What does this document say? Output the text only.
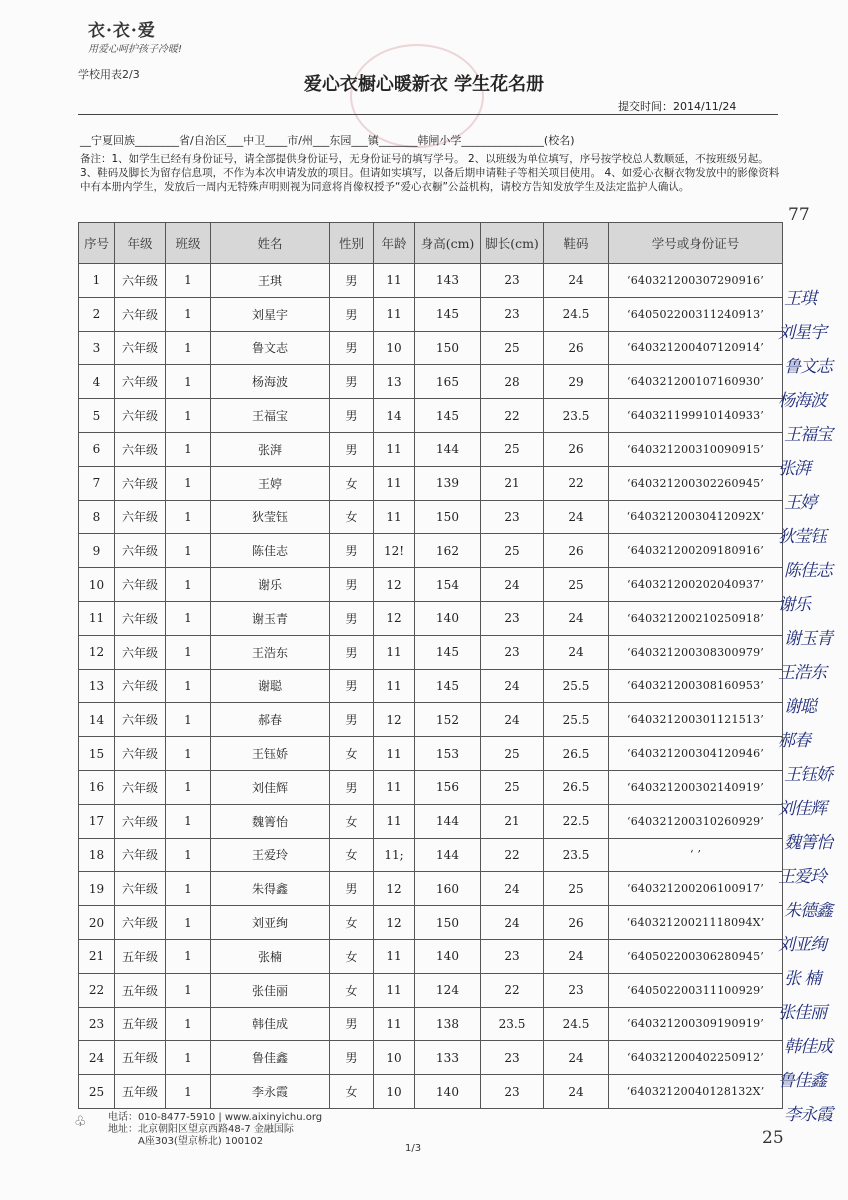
衣·衣·爱
用爱心呵护孩子冷暖!
学校用表2/3	爱心衣橱心暖新衣 学生花名册
提交时间：2014/11/24
__宁夏回族________省/自治区___中卫____市/州___东园___镇_______韩闸小学_______________(校名)
备注：1、如学生已经有身份证号，请全部提供身份证号，无身份证号的填写学号。 2、以班级为单位填写，序号按学校总人数顺延，不按班级另起。 3、鞋码及脚长为留存信息项，不作为本次申请发放的项目。但请如实填写，以备后期申请鞋子等相关项目使用。 4、如爱心衣橱衣物发放中的影像资料中有本册内学生，发放后一周内无特殊声明则视为同意将肖像权授予“爱心衣橱”公益机构，请校方告知发放学生及法定监护人确认。
77
序号	年级	班级	姓名	性别	年龄	身高(cm)	脚长(cm)	鞋码	学号或身份证号
1	六年级	1	王琪	男	11	143	23	24	‘640321200307290916’
2	六年级	1	刘星宇	男	11	145	23	24.5	‘640502200311240913’
3	六年级	1	鲁文志	男	10	150	25	26	‘640321200407120914’
4	六年级	1	杨海波	男	13	165	28	29	‘640321200107160930’
5	六年级	1	王福宝	男	14	145	22	23.5	‘640321199910140933’
6	六年级	1	张湃	男	11	144	25	26	‘640321200310090915’
7	六年级	1	王婷	女	11	139	21	22	‘640321200302260945’
8	六年级	1	狄莹钰	女	11	150	23	24	‘64032120030412092X’
9	六年级	1	陈佳志	男	12!	162	25	26	‘640321200209180916’
10	六年级	1	谢乐	男	12	154	24	25	‘640321200202040937’
11	六年级	1	谢玉青	男	12	140	23	24	‘640321200210250918’
12	六年级	1	王浩东	男	11	145	23	24	‘640321200308300979’
13	六年级	1	谢聪	男	11	145	24	25.5	‘640321200308160953’
14	六年级	1	郝春	男	12	152	24	25.5	‘640321200301121513’
15	六年级	1	王钰娇	女	11	153	25	26.5	‘640321200304120946’
16	六年级	1	刘佳辉	男	11	156	25	26.5	‘640321200302140919’
17	六年级	1	魏箐怡	女	11	144	21	22.5	‘640321200310260929’
18	六年级	1	王爱玲	女	11;	144	22	23.5	‘ ’
19	六年级	1	朱得鑫	男	12	160	24	25	‘640321200206100917’
20	六年级	1	刘亚绚	女	12	150	24	26	‘64032120021118094X’
21	五年级	1	张楠	女	11	140	23	24	‘640502200306280945’
22	五年级	1	张佳丽	女	11	124	22	23	‘640502200311100929’
23	五年级	1	韩佳成	男	11	138	23.5	24.5	‘640321200309190919’
24	五年级	1	鲁佳鑫	男	10	133	23	24	‘640321200402250912’
25	五年级	1	李永霞	女	10	140	23	24	‘64032120040128132X’
王琪
刘星宇
鲁文志
杨海波
王福宝
张湃
王婷
狄莹钰
陈佳志
谢乐
谢玉青
王浩东
谢聪
郝春
王钰娇
刘佳辉
魏箐怡
王爱玲
朱德鑫
刘亚绚
张 楠
张佳丽
韩佳成
鲁佳鑫
李永霞
♧	电话：010-8477-5910 | www.aixinyichu.org
地址：北京朝阳区望京西路48-7 金融国际
A座303(望京桥北) 100102
1/3
25
